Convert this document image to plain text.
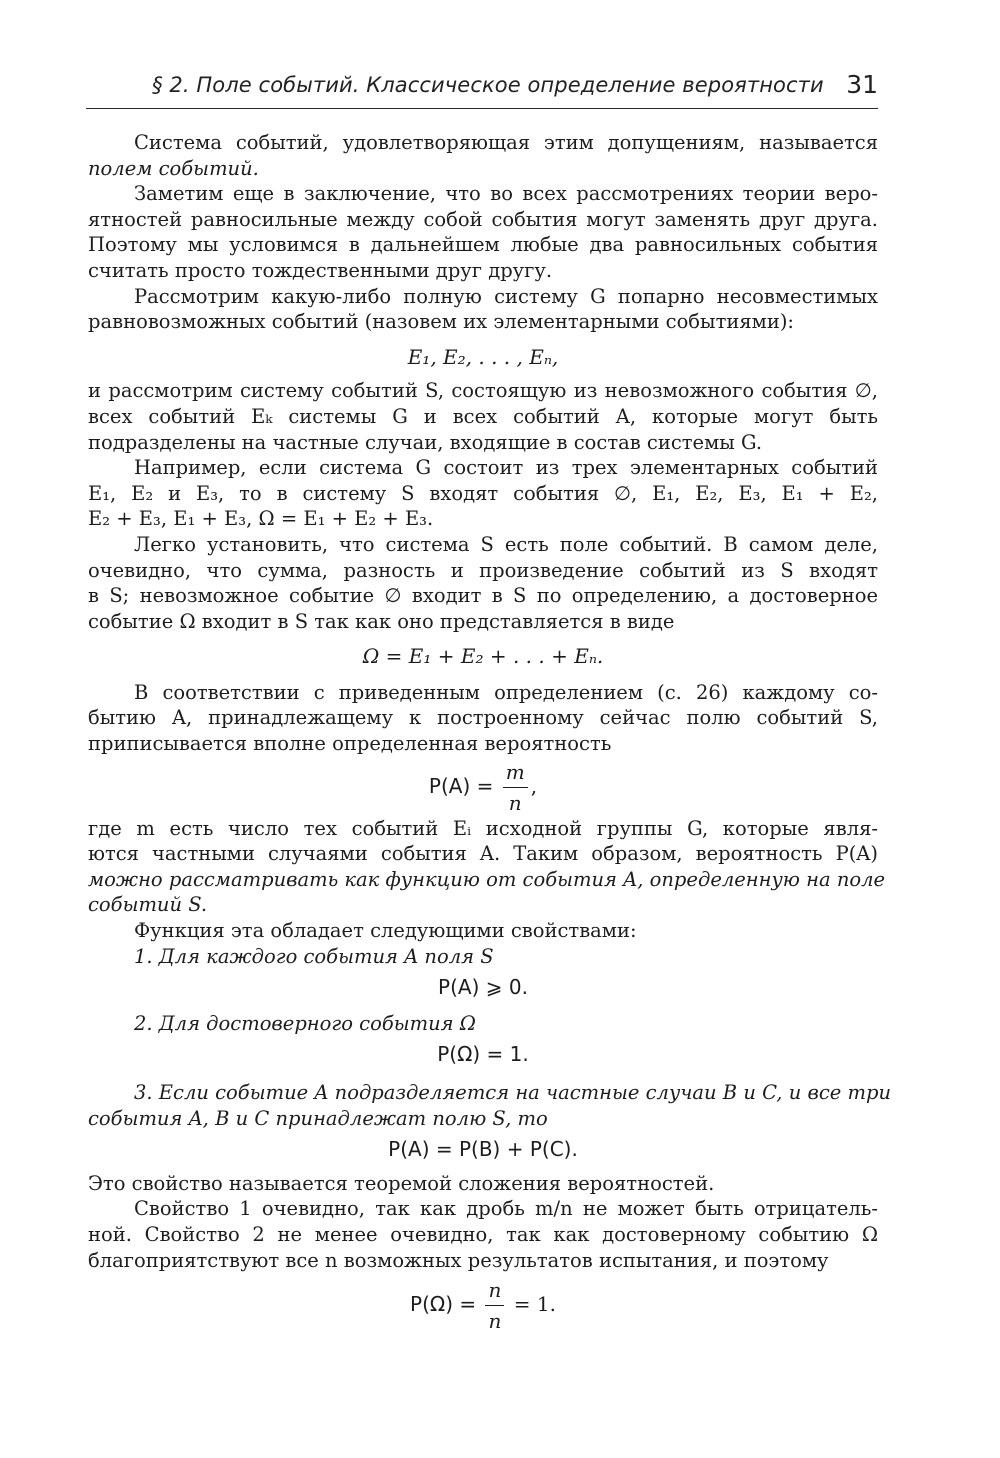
§ 2. Поле событий. Классическое определение вероятности 31
Система событий, удовлетворяющая этим допущениям, называется
полем событий.
Заметим еще в заключение, что во всех рассмотрениях теории веро-
ятностей равносильные между собой события могут заменять друг друга.
Поэтому мы условимся в дальнейшем любые два равносильных события
считать просто тождественными друг другу.
Рассмотрим какую-либо полную систему G попарно несовместимых
равновозможных событий (назовем их элементарными событиями):
E₁, E₂, . . . , Eₙ,
и рассмотрим систему событий S, состоящую из невозможного события ∅,
всех событий Eₖ системы G и всех событий A, которые могут быть
подразделены на частные случаи, входящие в состав системы G.
Например, если система G состоит из трех элементарных событий
E₁, E₂ и E₃, то в систему S входят события ∅, E₁, E₂, E₃, E₁ + E₂,
E₂ + E₃, E₁ + E₃, Ω = E₁ + E₂ + E₃.
Легко установить, что система S есть поле событий. В самом деле,
очевидно, что сумма, разность и произведение событий из S входят
в S; невозможное событие ∅ входит в S по определению, а достоверное
событие Ω входит в S так как оно представляется в виде
Ω = E₁ + E₂ + . . . + Eₙ.
В соответствии с приведенным определением (с. 26) каждому со-
бытию A, принадлежащему к построенному сейчас полю событий S,
приписывается вполне определенная вероятность
$P(A) = \frac{m}{n}$ ,
где m есть число тех событий Eᵢ исходной группы G, которые явля-
ются частными случаями события A. Таким образом, вероятность P(A)
можно рассматривать как функцию от события A, определенную на поле
событий S.
Функция эта обладает следующими свойствами:
1. Для каждого события A поля S
P(A) ⩾ 0.
2. Для достоверного события Ω
P(Ω) = 1.
3. Если событие A подразделяется на частные случаи B и C, и все три
события A, B и C принадлежат полю S, то
P(A) = P(B) + P(C).
Это свойство называется теоремой сложения вероятностей.
Свойство 1 очевидно, так как дробь m/n не может быть отрицатель-
ной. Свойство 2 не менее очевидно, так как достоверному событию Ω
благоприятствуют все n возможных результатов испытания, и поэтому
$P(\Omega) = \frac{n}{n} = 1$.
